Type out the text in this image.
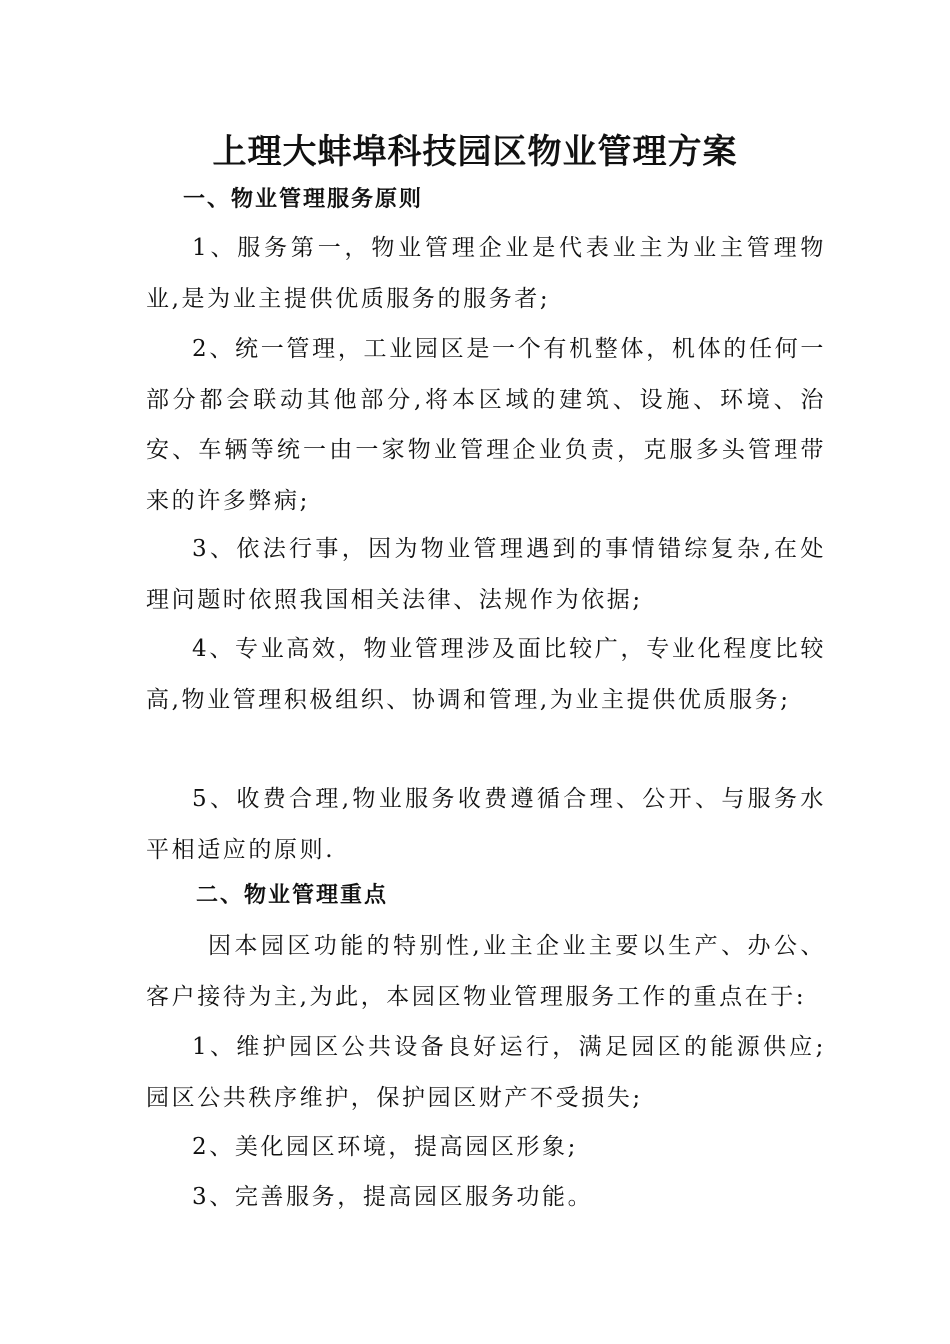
上理大蚌埠科技园区物业管理方案
一、物业管理服务原则

1、服务第一，物业管理企业是代表业主为业主管理物业,是为业主提供优质服务的服务者;

2、统一管理，工业园区是一个有机整体，机体的任何一部分都会联动其他部分,将本区域的建筑、设施、环境、治安、车辆等统一由一家物业管理企业负责，克服多头管理带来的许多弊病;

3、依法行事，因为物业管理遇到的事情错综复杂,在处理问题时依照我国相关法律、法规作为依据;

4、专业高效，物业管理涉及面比较广，专业化程度比较高,物业管理积极组织、协调和管理,为业主提供优质服务;

5、收费合理,物业服务收费遵循合理、公开、与服务水平相适应的原则.

二、物业管理重点

因本园区功能的特别性,业主企业主要以生产、办公、客户接待为主,为此，本园区物业管理服务工作的重点在于:

1、维护园区公共设备良好运行，满足园区的能源供应;园区公共秩序维护，保护园区财产不受损失;

2、美化园区环境，提高园区形象;

3、完善服务，提高园区服务功能。
